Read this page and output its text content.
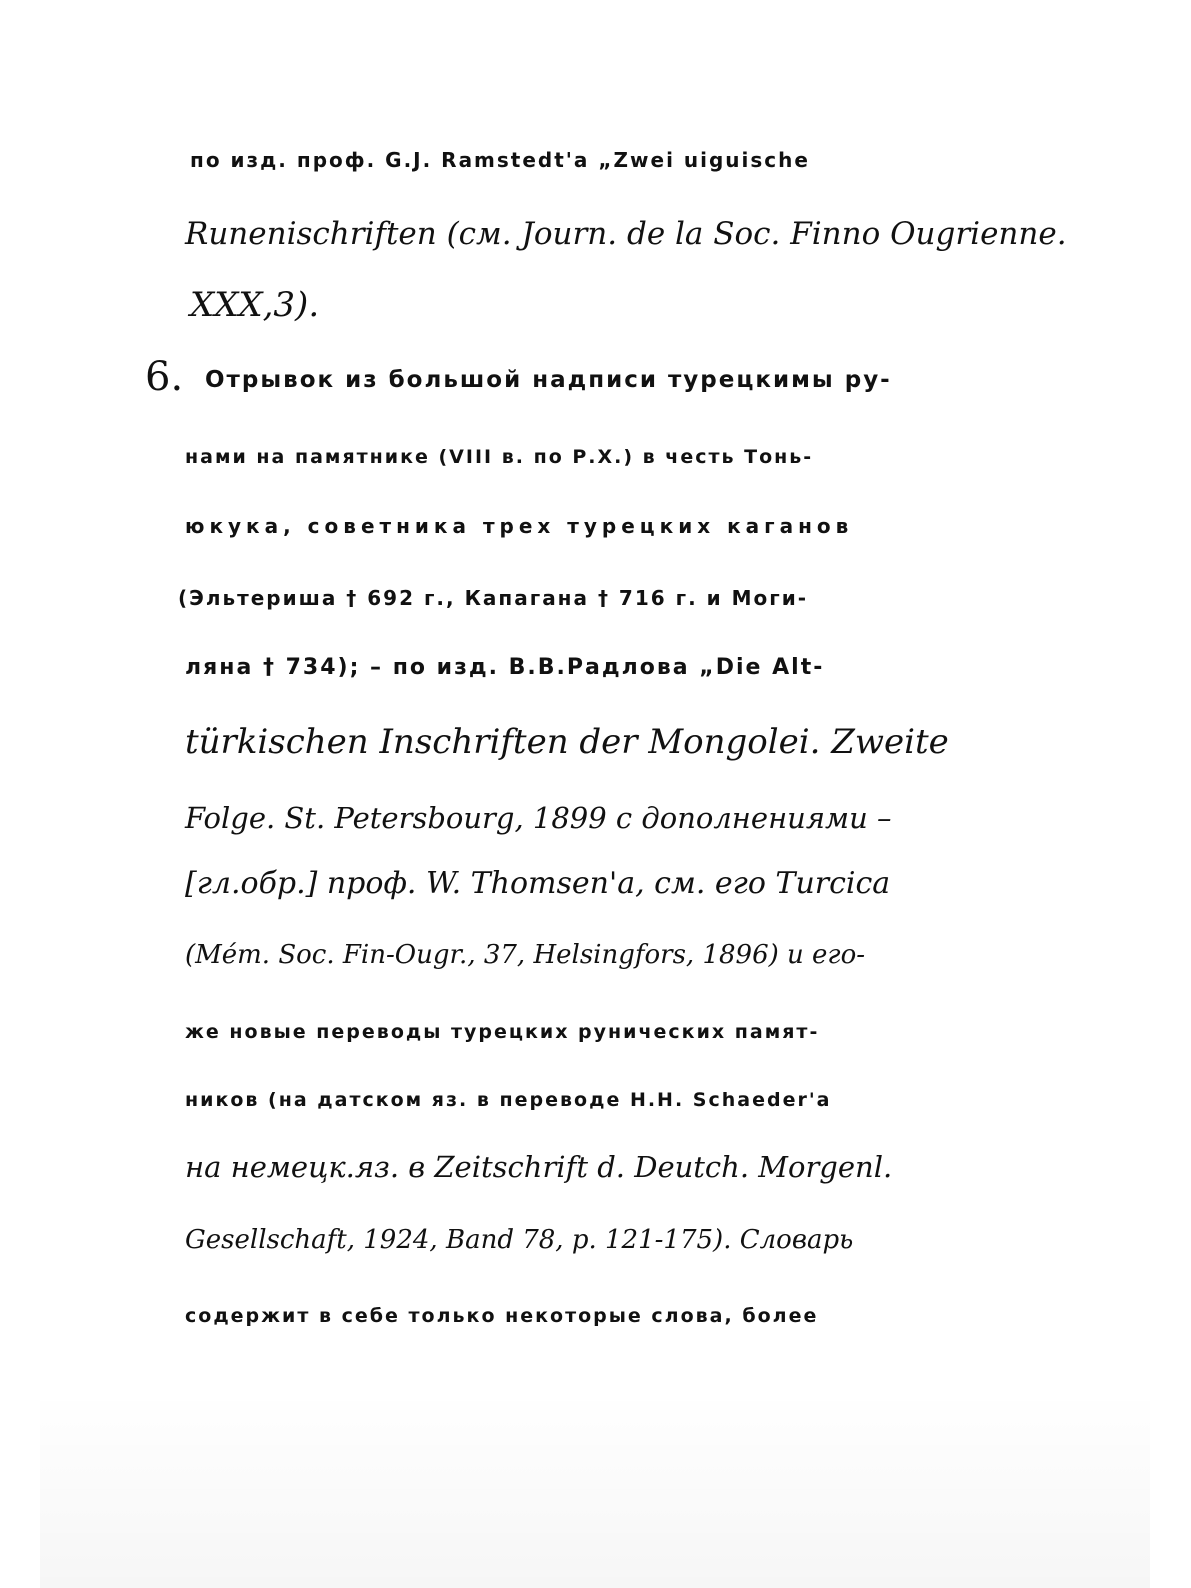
по изд. проф. G.J. Ramstedt'a „Zwei uiguische
Runenischriften (см. Journ. de la Soc. Finno Ougrienne.
XXX,3).
6. Отрывок из большой надписи турецкимы ру-
нами на памятнике (VIII в. по Р.Х.) в честь Тонь-
юкука, советника трех турецких каганов
(Эльтериша † 692 г., Капагана † 716 г. и Моги-
ляна † 734); – по изд. В.В.Радлова „Die Alt-
türkischen Inschriften der Mongolei. Zweite
Folge. St. Petersbourg, 1899 с дополнениями –
[гл.обр.] проф. W. Thomsen'a, см. его Turcica
(Mém. Soc. Fin-Ougr., 37, Helsingfors, 1896) и его-
же новые переводы турецких рунических памят-
ников (на датском яз. в переводе H.H. Schaeder'а
на немецк.яз. в Zeitschrift d. Deutch. Morgenl.
Gesellschaft, 1924, Band 78, p. 121-175). Словарь
содержит в себе только некоторые слова, более
